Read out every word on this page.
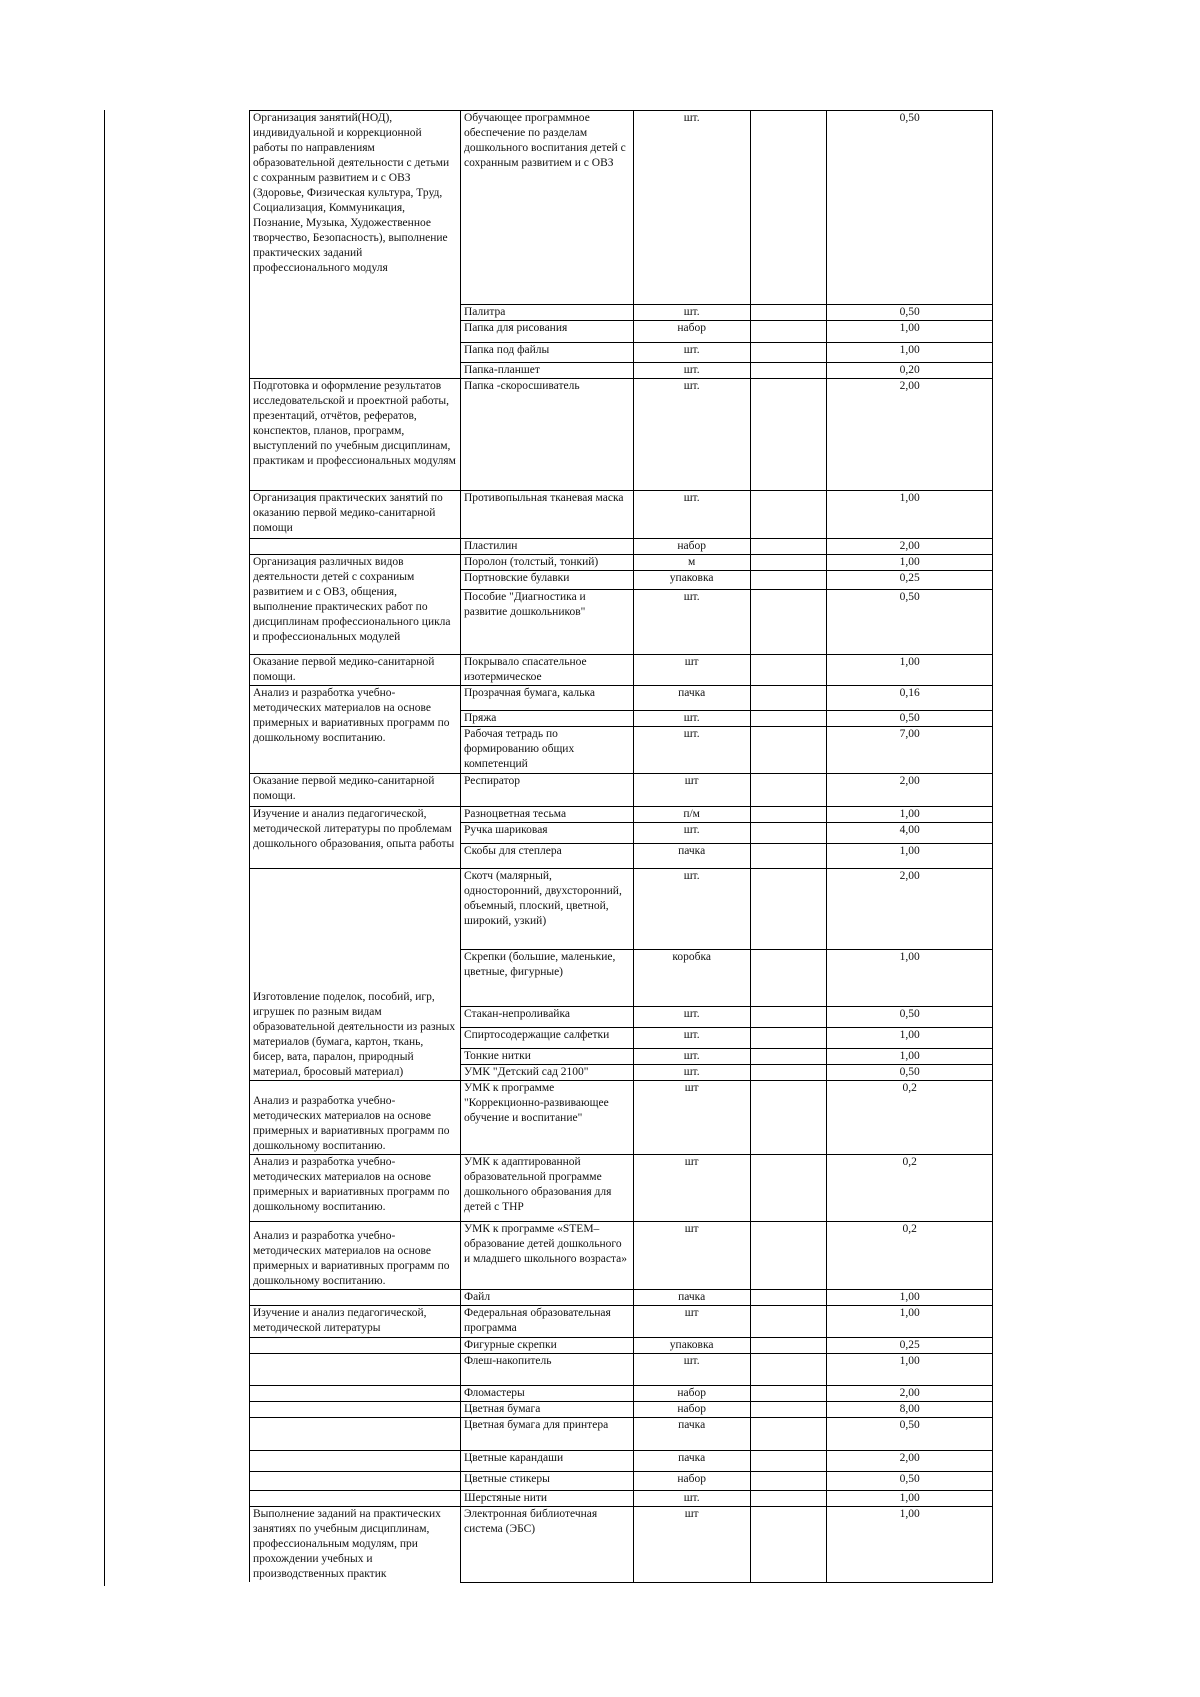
Организация занятий(НОД), индивидуальной и коррекционной работы по направлениям образовательной деятельности с детьми с сохранным развитием и с ОВЗ (Здоровье, Физическая культура, Труд, Социализация, Коммуникация, Познание, Музыка, Художественное творчество, Безопасность), выполнение практических заданий профессионального модуля	Обучающее программное обеспечение по разделам дошкольного воспитания детей с сохранным развитием и с ОВЗ	шт.		0,50
	Палитра	шт.		0,50
	Папка для рисования	набор		1,00
	Папка под файлы	шт.		1,00
	Папка-планшет	шт.		0,20
Подготовка и оформление результатов исследовательской и проектной работы, презентаций, отчётов, рефератов, конспектов, планов, программ, выступлений по учебным дисциплинам, практикам и профессиональных модулям	Папка -скоросшиватель	шт.		2,00
Организация практических занятий по оказанию первой медико-санитарной помощи	Противопыльная тканевая маска	шт.		1,00
	Пластилин	набор		2,00
Организация различных видов деятельности детей с сохраниым развитием и с ОВЗ, общения, выполнение практических работ по дисциплинам профессионального цикла и профессиональных модулей	Поролон (толстый, тонкий)	м		1,00
	Портновские булавки	упаковка		0,25
	Пособие "Диагностика и развитие дошкольников"	шт.		0,50
Оказание первой медико-санитарной помощи.	Покрывало спасательное изотермическое	шт		1,00
Анализ и разработка учебно-методических материалов на основе примерных и вариативных программ по дошкольному воспитанию.	Прозрачная бумага, калька	пачка		0,16
	Пряжа	шт.		0,50
	Рабочая тетрадь по формированию общих компетенций	шт.		7,00
Оказание первой медико-санитарной помощи.	Респиратор	шт		2,00
Изучение и анализ педагогической, методической литературы по проблемам дошкольного образования, опыта работы	Разноцветная тесьма	п/м		1,00
	Ручка шариковая	шт.		4,00
	Скобы для степлера	пачка		1,00
Изготовление поделок, пособий, игр, игрушек по разным видам образовательной деятельности из разных материалов (бумага, картон, ткань, бисер, вата, паралон, природный материал, бросовый материал)	Скотч (малярный, односторонний, двухсторонний, объемный, плоский, цветной, широкий, узкий)	шт.		2,00
	Скрепки (большие, маленькие, цветные, фигурные)	коробка		1,00
	Стакан-непроливайка	шт.		0,50
	Спиртосодержащие салфетки	шт.		1,00
	Тонкие нитки	шт.		1,00
	УМК "Детский сад 2100"	шт.		0,50
Анализ и разработка учебно-методических материалов на основе примерных и вариативных программ по дошкольному воспитанию.	УМК к программе "Коррекционно-развивающее обучение и воспитание"	шт		0,2
Анализ и разработка учебно-методических материалов на основе примерных и вариативных программ по дошкольному воспитанию.	УМК к адаптированной образовательной программе дошкольного образования для детей с ТНР	шт		0,2
Анализ и разработка учебно-методических материалов на основе примерных и вариативных программ по дошкольному воспитанию.	УМК к программе «STEM–образование детей дошкольного и младшего школьного возраста»	шт		0,2
	Файл	пачка		1,00
Изучение и анализ педагогической, методической литературы	Федеральная образовательная программа	шт		1,00
	Фигурные скрепки	упаковка		0,25
	Флеш-накопитель	шт.		1,00
	Фломастеры	набор		2,00
	Цветная бумага	набор		8,00
	Цветная бумага для принтера	пачка		0,50
	Цветные карандаши	пачка		2,00
	Цветные стикеры	набор		0,50
	Шерстяные нити	шт.		1,00
Выполнение заданий на практических занятиях по учебным дисциплинам, профессиональным модулям, при прохождении учебных и производственных практик	Электронная библиотечная система (ЭБС)	шт		1,00
